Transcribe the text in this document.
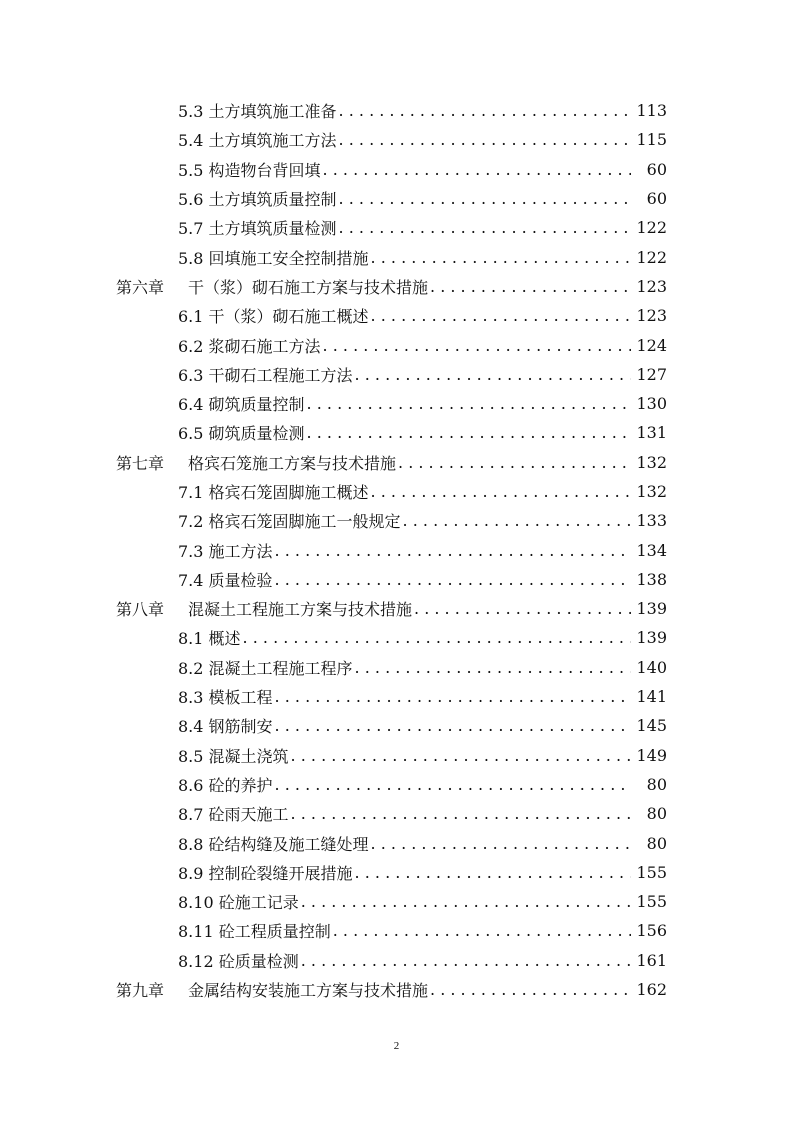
5.3 土方填筑施工准备 . . .	113
5.4 土方填筑施工方法 . . .	115
5.5 构造物台背回填 . . .	60
5.6 土方填筑质量控制 . . .	60
5.7 土方填筑质量检测 . . .	122
5.8 回填施工安全控制措施 . . .	122
第六章 干（浆）砌石施工方案与技术措施 . . .	123
6.1 干（浆）砌石施工概述 . . .	123
6.2 浆砌石施工方法 . . .	124
6.3 干砌石工程施工方法 . . .	127
6.4 砌筑质量控制 . . .	130
6.5 砌筑质量检测 . . .	131
第七章 格宾石笼施工方案与技术措施 . . .	132
7.1 格宾石笼固脚施工概述 . . .	132
7.2 格宾石笼固脚施工一般规定 . . .	133
7.3 施工方法 . . .	134
7.4 质量检验 . . .	138
第八章 混凝土工程施工方案与技术措施 . . .	139
8.1 概述 . . .	139
8.2 混凝土工程施工程序 . . .	140
8.3 模板工程 . . .	141
8.4 钢筋制安 . . .	145
8.5 混凝土浇筑 . . .	149
8.6 砼的养护 . . .	80
8.7 砼雨天施工 . . .	80
8.8 砼结构缝及施工缝处理 . . .	80
8.9 控制砼裂缝开展措施 . . .	155
8.10 砼施工记录 . . .	155
8.11 砼工程质量控制 . . .	156
8.12 砼质量检测 . . .	161
第九章 金属结构安装施工方案与技术措施 . . .	162
2
